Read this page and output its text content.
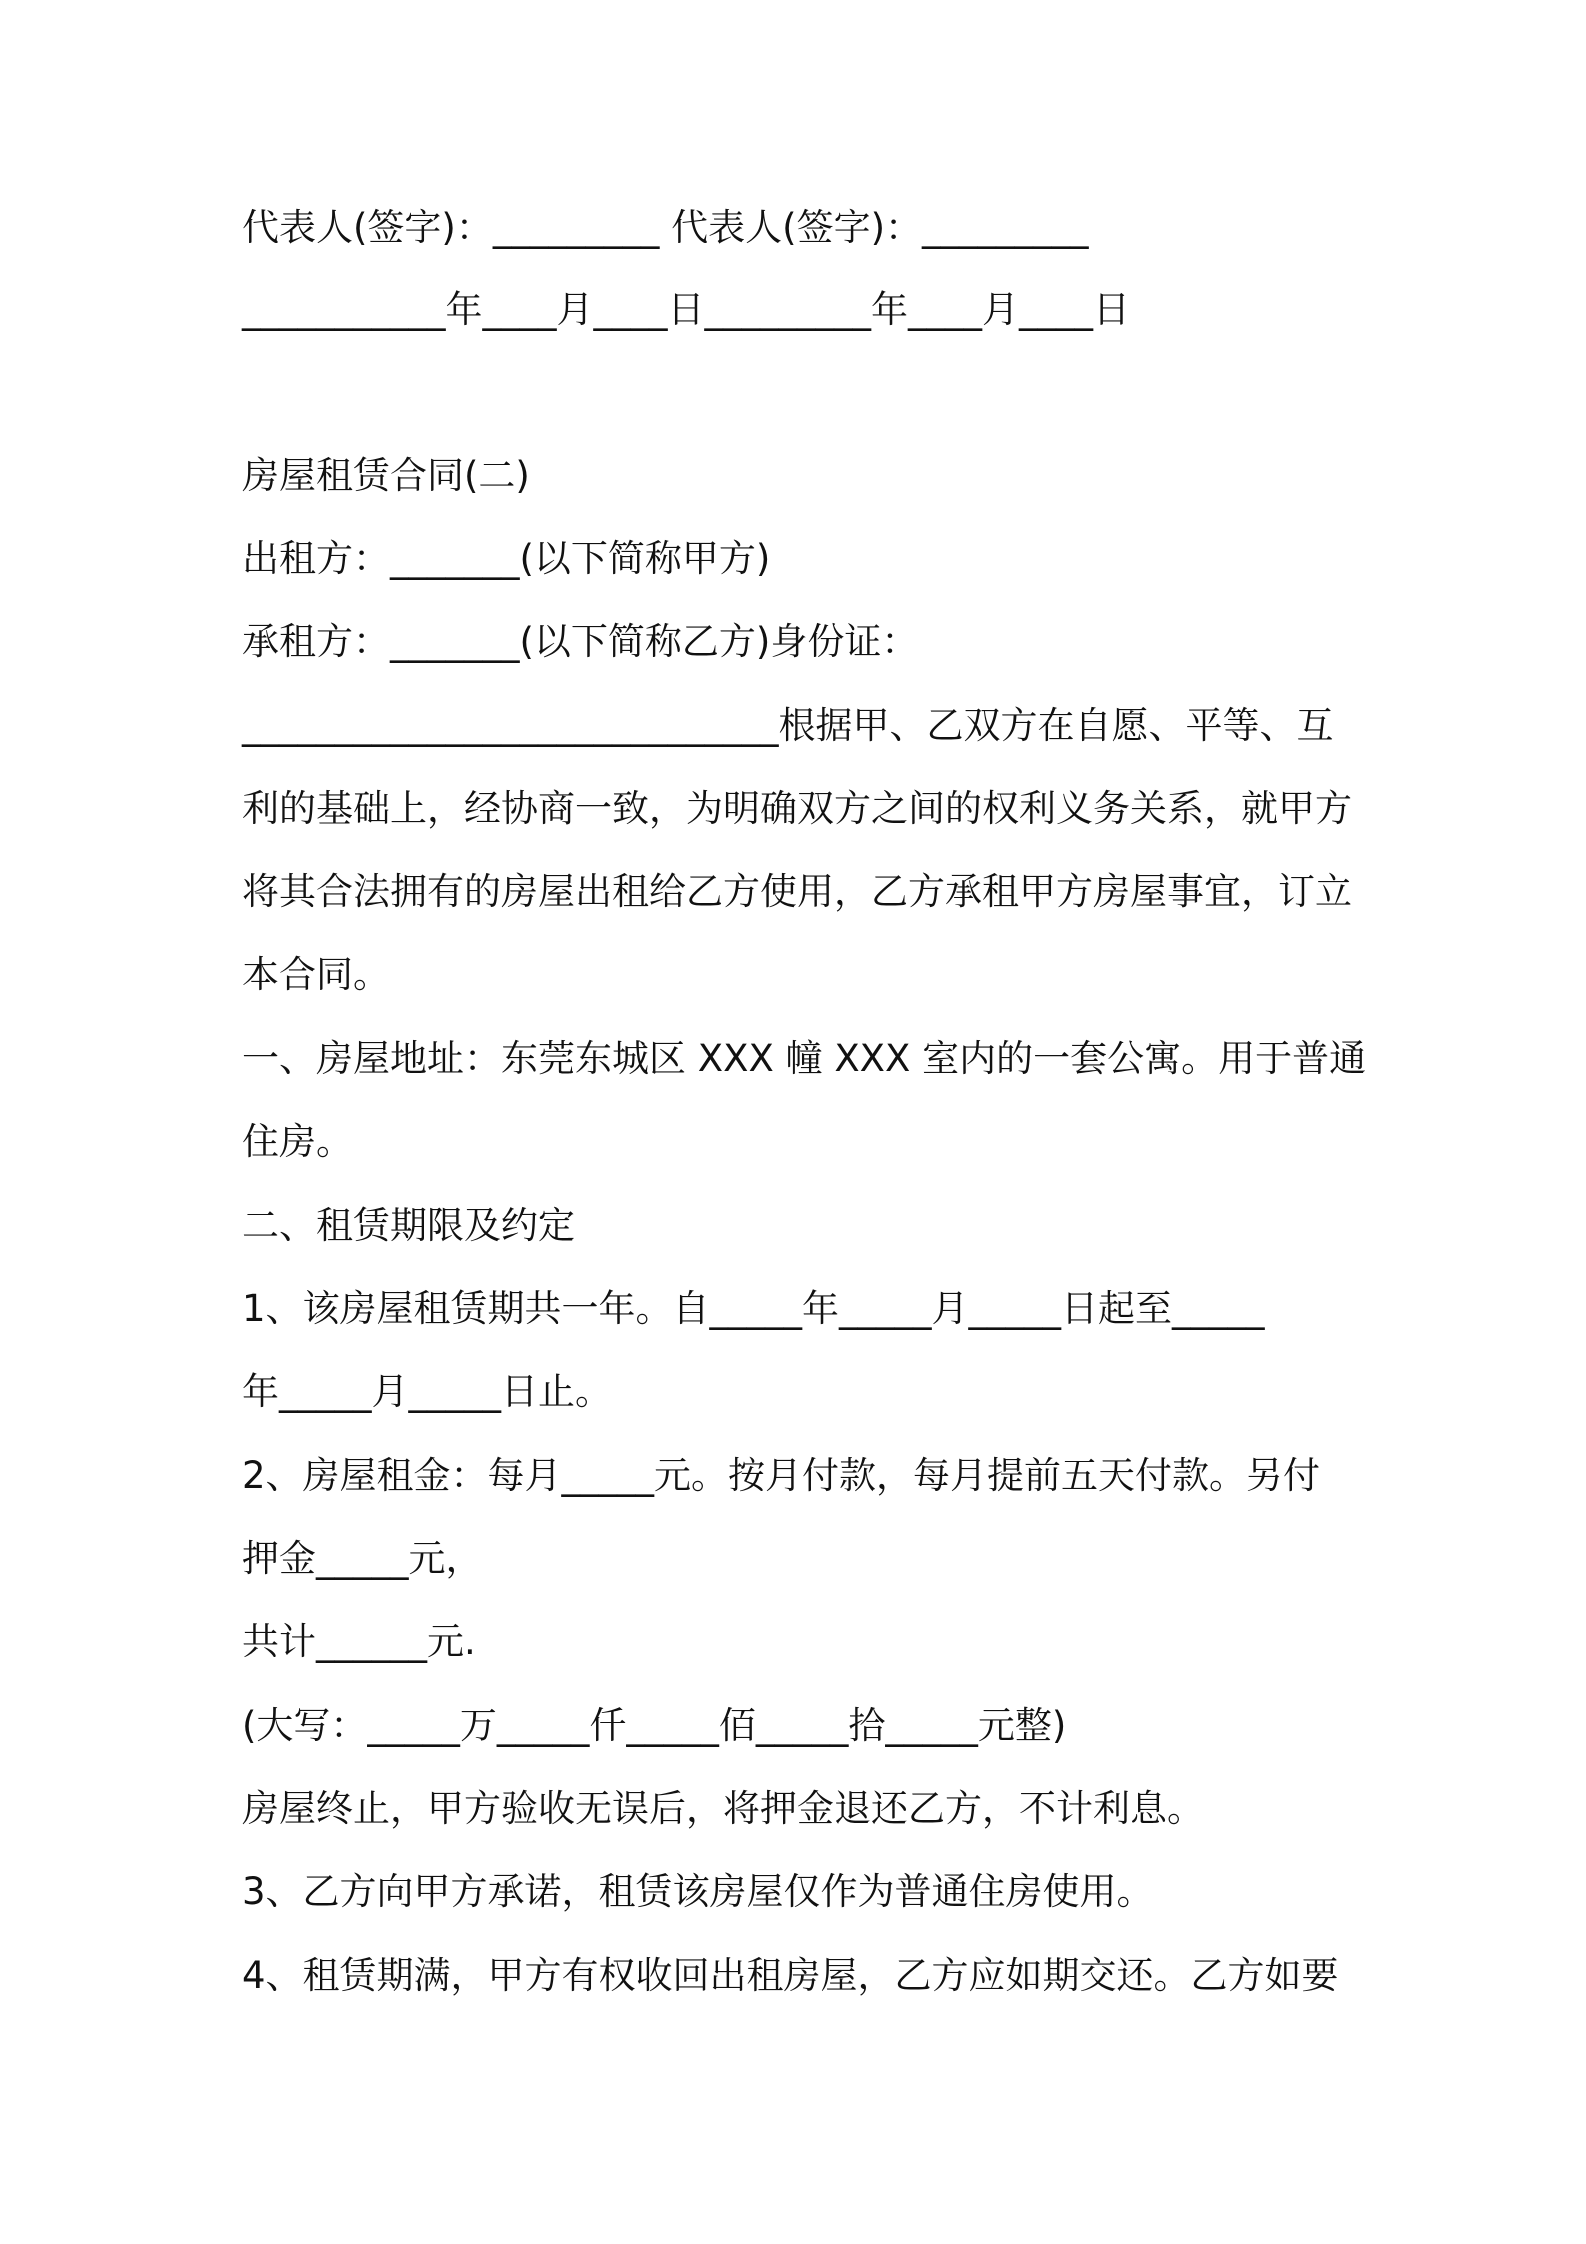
代表人(签字)：_________ 代表人(签字)：_________

___________年____月____日_________年____月____日

房屋租赁合同(二)

出租方：_______(以下简称甲方)

承租方：_______(以下简称乙方)身份证：

_____________________________根据甲、乙双方在自愿、平等、互

利的基础上，经协商一致，为明确双方之间的权利义务关系，就甲方

将其合法拥有的房屋出租给乙方使用，乙方承租甲方房屋事宜，订立

本合同。

一、房屋地址：东莞东城区 XXX 幢 XXX 室内的一套公寓。用于普通

住房。

二、租赁期限及约定

1、该房屋租赁期共一年。自_____年_____月_____日起至_____

年_____月_____日止。

2、房屋租金：每月_____元。按月付款，每月提前五天付款。另付

押金_____元，

共计______元.

(大写：_____万_____仟_____佰_____拾_____元整)

房屋终止，甲方验收无误后，将押金退还乙方，不计利息。

3、乙方向甲方承诺，租赁该房屋仅作为普通住房使用。

4、租赁期满，甲方有权收回出租房屋，乙方应如期交还。乙方如要
